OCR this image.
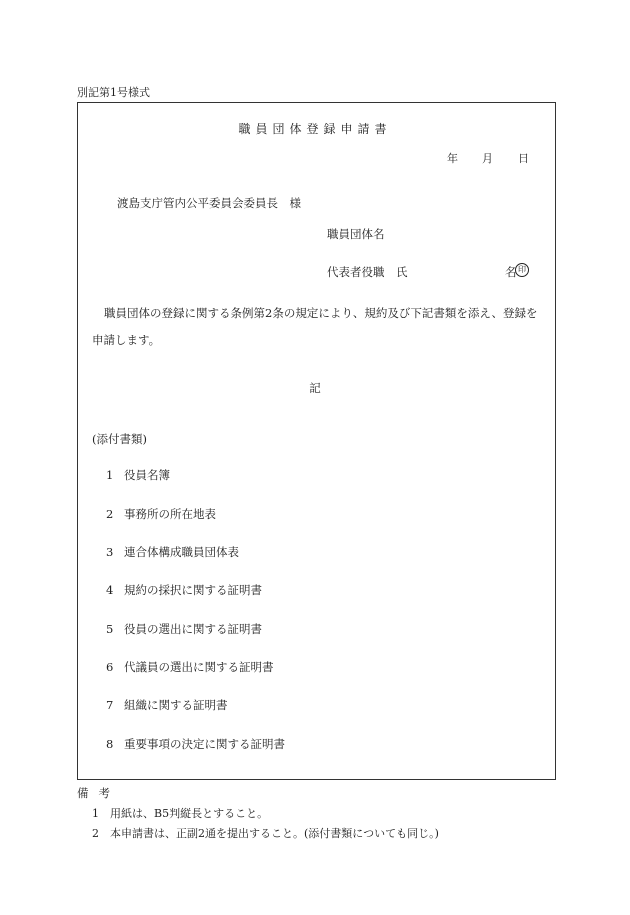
別記第1号様式
職員団体登録申請書
年 月 日
渡島支庁管内公平委員会委員長　様
職員団体名
代表者役職　氏	名 印
職員団体の登録に関する条例第2条の規定により、規約及び下記書類を添え、登録を申請します。
記
(添付書類)
1 役員名簿
2 事務所の所在地表
3 連合体構成職員団体表
4 規約の採択に関する証明書
5 役員の選出に関する証明書
6 代議員の選出に関する証明書
7 組織に関する証明書
8 重要事項の決定に関する証明書
備考
1 用紙は、B5判縦長とすること。
2 本申請書は、正副2通を提出すること。(添付書類についても同じ。)
